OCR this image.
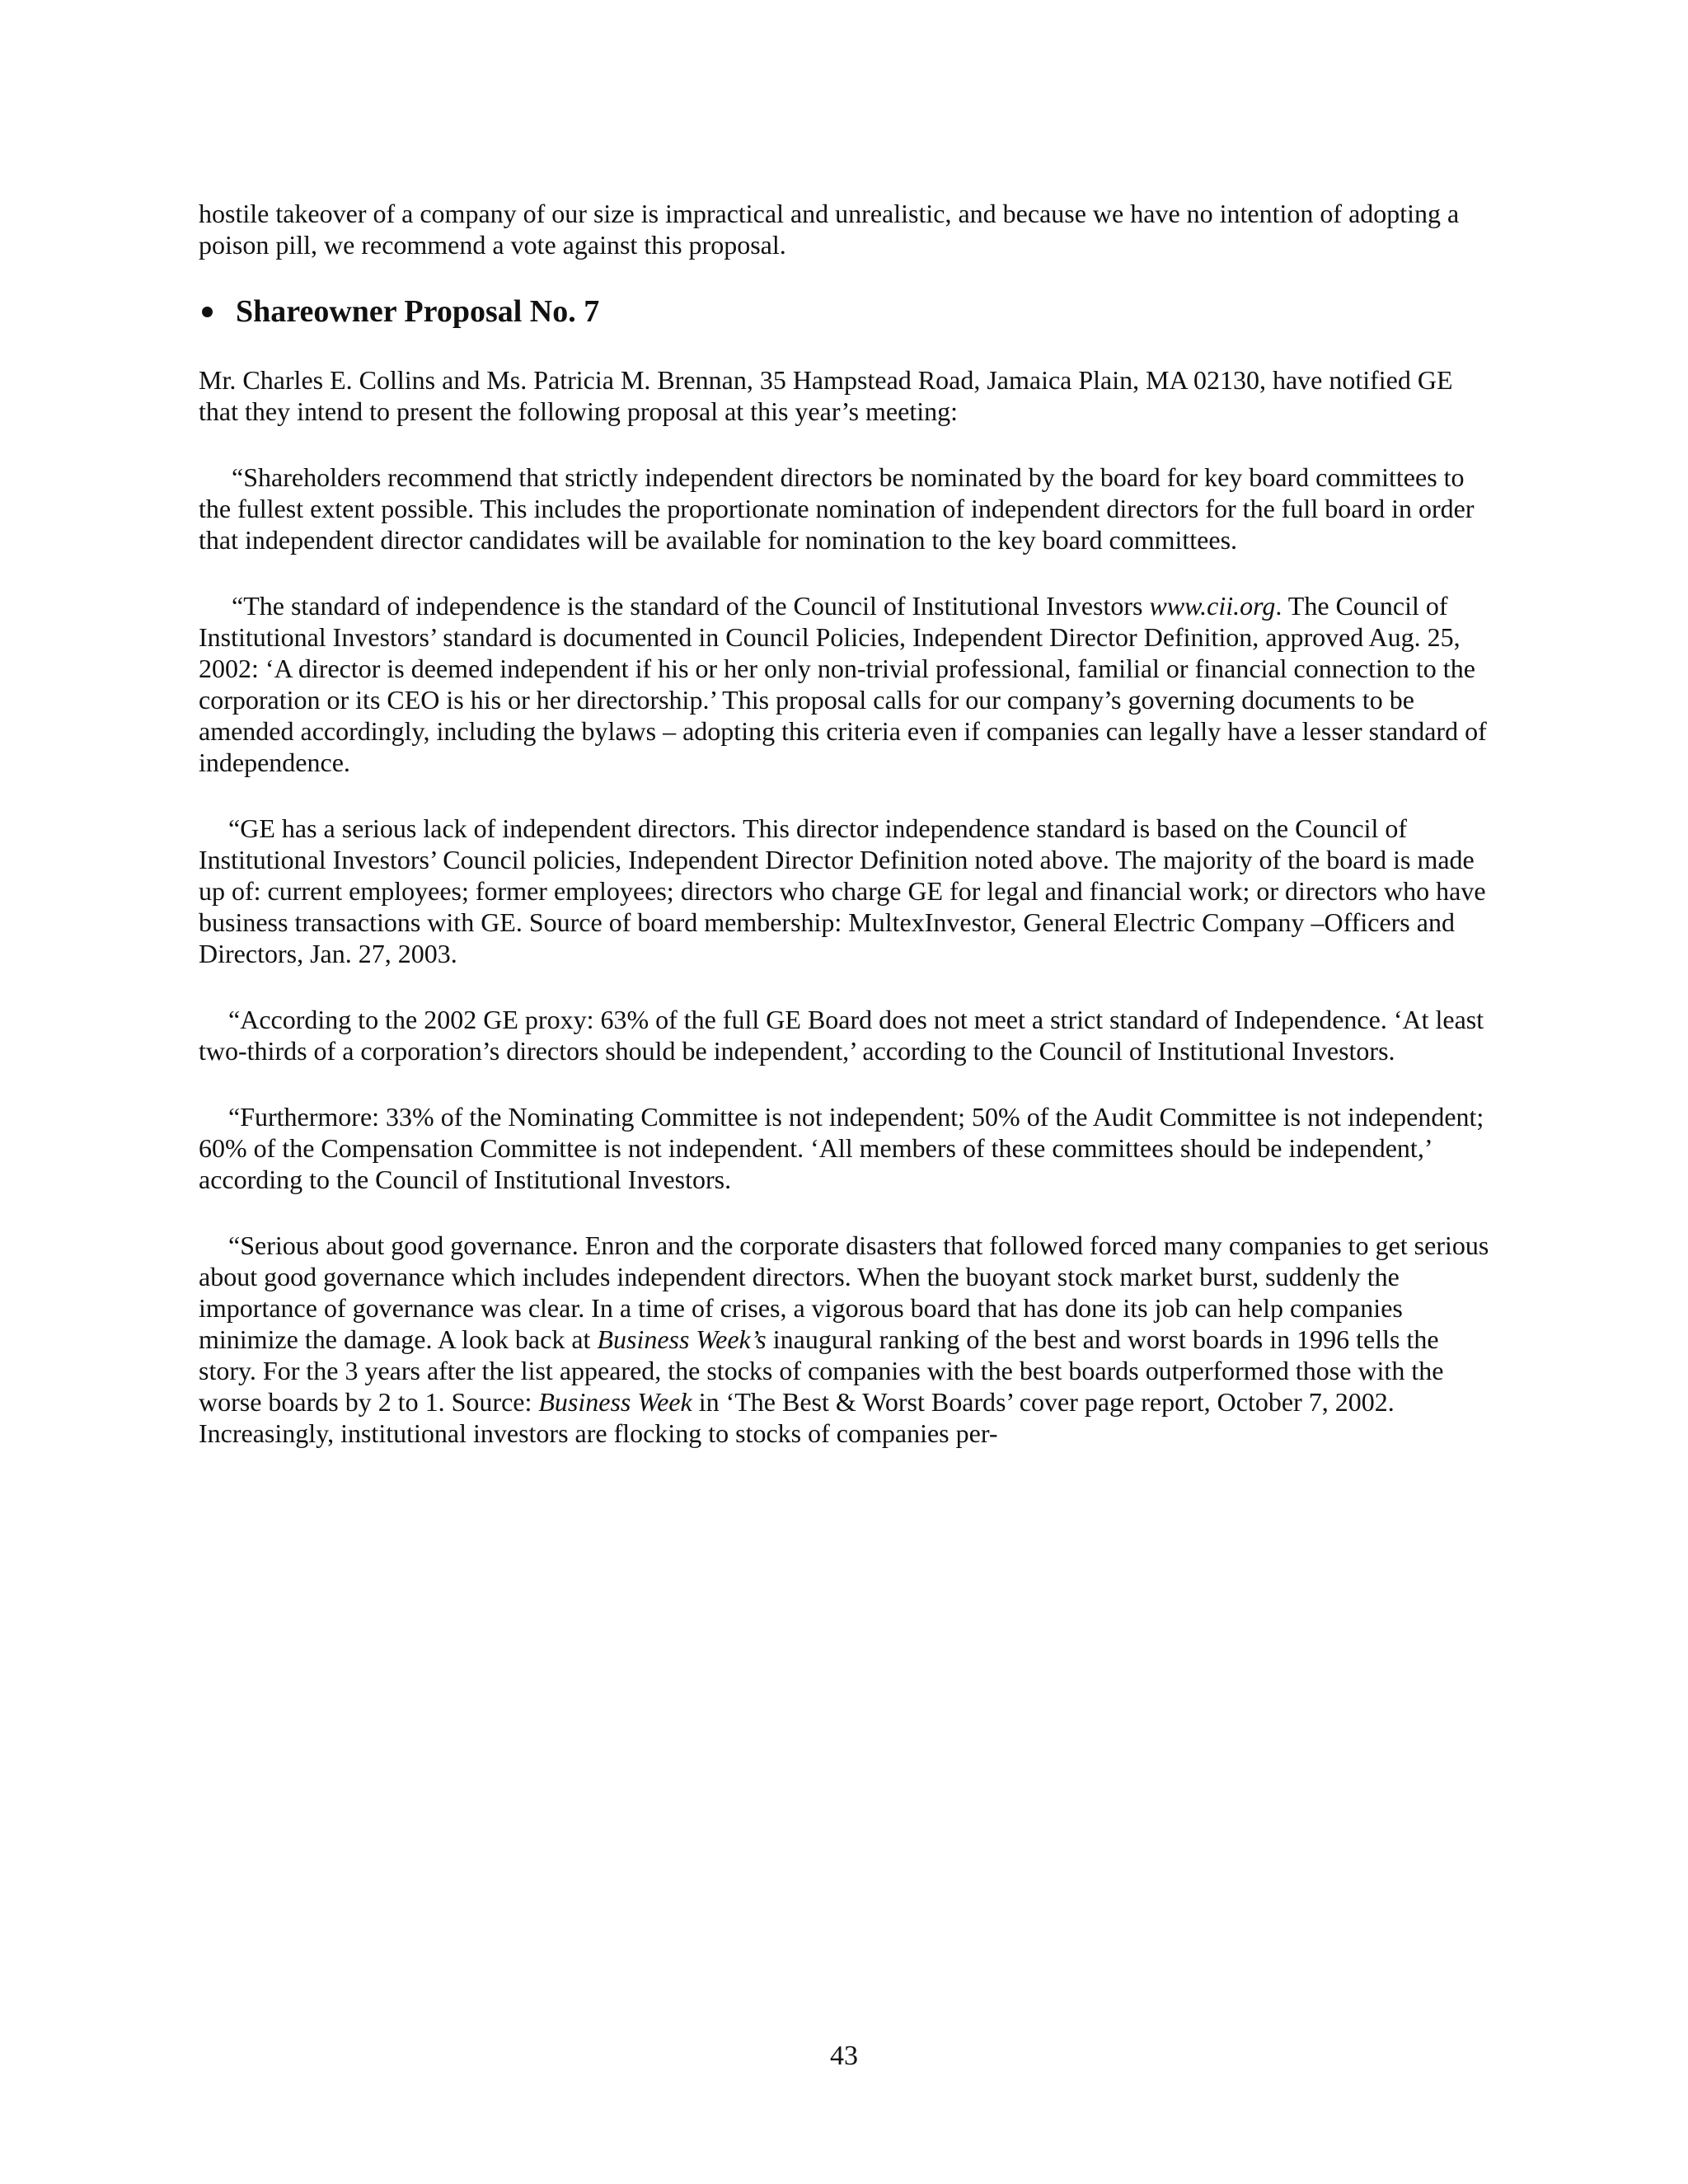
hostile takeover of a company of our size is impractical and unrealistic, and because we have no intention of adopting a poison pill, we recommend a vote against this proposal.

Shareowner Proposal No. 7

Mr. Charles E. Collins and Ms. Patricia M. Brennan, 35 Hampstead Road, Jamaica Plain, MA 02130, have notified GE that they intend to present the following proposal at this year’s meeting:

“Shareholders recommend that strictly independent directors be nominated by the board for key board committees to the fullest extent possible. This includes the proportionate nomination of independent directors for the full board in order that independent director candidates will be available for nomination to the key board committees.

“The standard of independence is the standard of the Council of Institutional Investors www.cii.org. The Council of Institutional Investors’ standard is documented in Council Policies, Independent Director Definition, approved Aug. 25, 2002: ‘A director is deemed independent if his or her only non-trivial professional, familial or financial connection to the corporation or its CEO is his or her directorship.’ This proposal calls for our company’s governing documents to be amended accordingly, including the bylaws – adopting this criteria even if companies can legally have a lesser standard of independence.

“GE has a serious lack of independent directors. This director independence standard is based on the Council of Institutional Investors’ Council policies, Independent Director Definition noted above. The majority of the board is made up of: current employees; former employees; directors who charge GE for legal and financial work; or directors who have business transactions with GE. Source of board membership: MultexInvestor, General Electric Company –Officers and Directors, Jan. 27, 2003.

“According to the 2002 GE proxy: 63% of the full GE Board does not meet a strict standard of Independence. ‘At least two-thirds of a corporation’s directors should be independent,’ according to the Council of Institutional Investors.

“Furthermore: 33% of the Nominating Committee is not independent; 50% of the Audit Committee is not independent; 60% of the Compensation Committee is not independent. ‘All members of these committees should be independent,’ according to the Council of Institutional Investors.

“Serious about good governance. Enron and the corporate disasters that followed forced many companies to get serious about good governance which includes independent directors. When the buoyant stock market burst, suddenly the importance of governance was clear. In a time of crises, a vigorous board that has done its job can help companies minimize the damage. A look back at Business Week’s inaugural ranking of the best and worst boards in 1996 tells the story. For the 3 years after the list appeared, the stocks of companies with the best boards outperformed those with the worse boards by 2 to 1. Source: Business Week in ‘The Best & Worst Boards’ cover page report, October 7, 2002. Increasingly, institutional investors are flocking to stocks of companies per-

43
